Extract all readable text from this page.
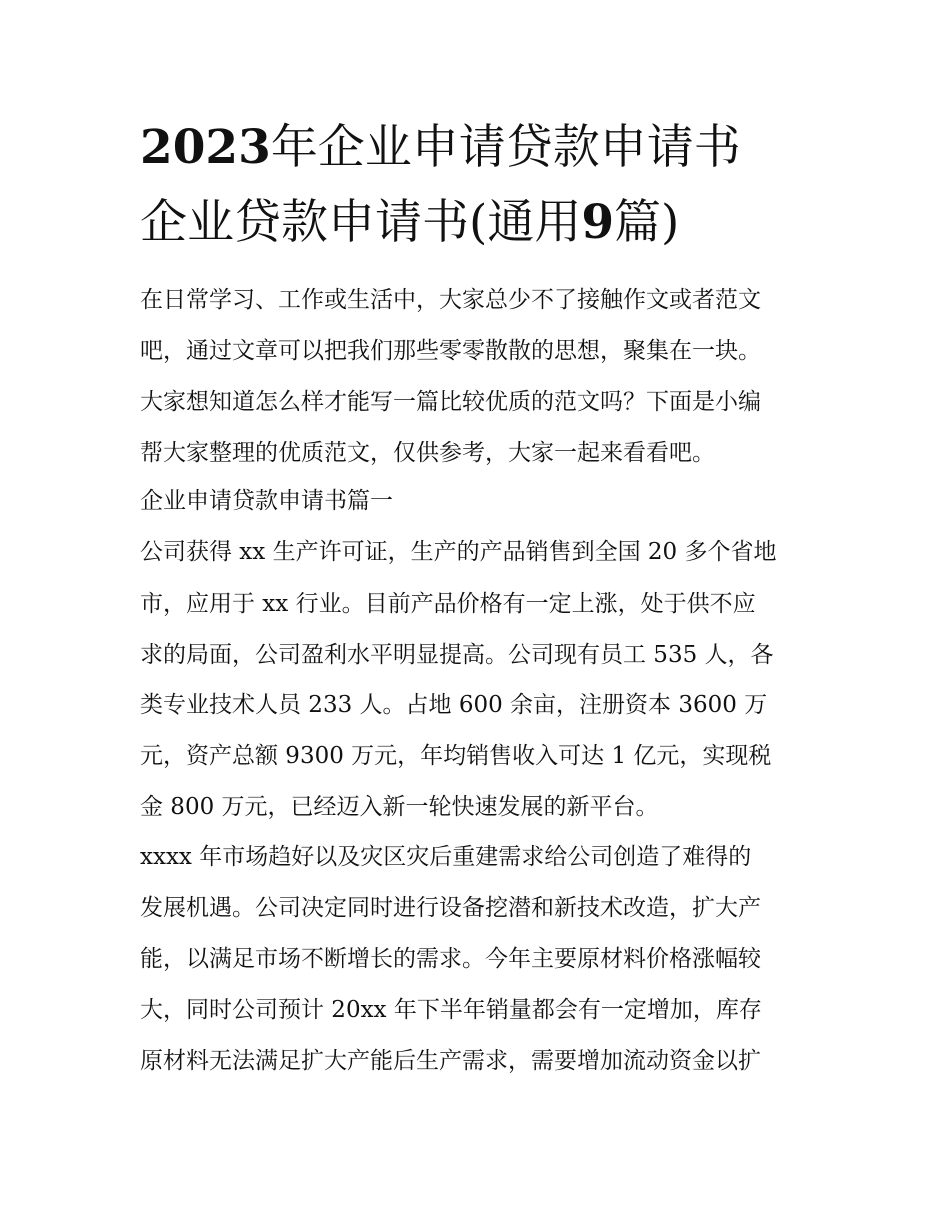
2023年企业申请贷款申请书
企业贷款申请书(通用9篇)
在日常学习、工作或生活中，大家总少不了接触作文或者范文
吧，通过文章可以把我们那些零零散散的思想，聚集在一块。
大家想知道怎么样才能写一篇比较优质的范文吗？下面是小编
帮大家整理的优质范文，仅供参考，大家一起来看看吧。
企业申请贷款申请书篇一
公司获得 xx 生产许可证，生产的产品销售到全国 20 多个省地
市，应用于 xx 行业。目前产品价格有一定上涨，处于供不应
求的局面，公司盈利水平明显提高。公司现有员工 535 人，各
类专业技术人员 233 人。占地 600 余亩，注册资本 3600 万
元，资产总额 9300 万元，年均销售收入可达 1 亿元，实现税
金 800 万元，已经迈入新一轮快速发展的新平台。
xxxx 年市场趋好以及灾区灾后重建需求给公司创造了难得的
发展机遇。公司决定同时进行设备挖潜和新技术改造，扩大产
能，以满足市场不断增长的需求。今年主要原材料价格涨幅较
大，同时公司预计 20xx 年下半年销量都会有一定增加，库存
原材料无法满足扩大产能后生产需求，需要增加流动资金以扩
